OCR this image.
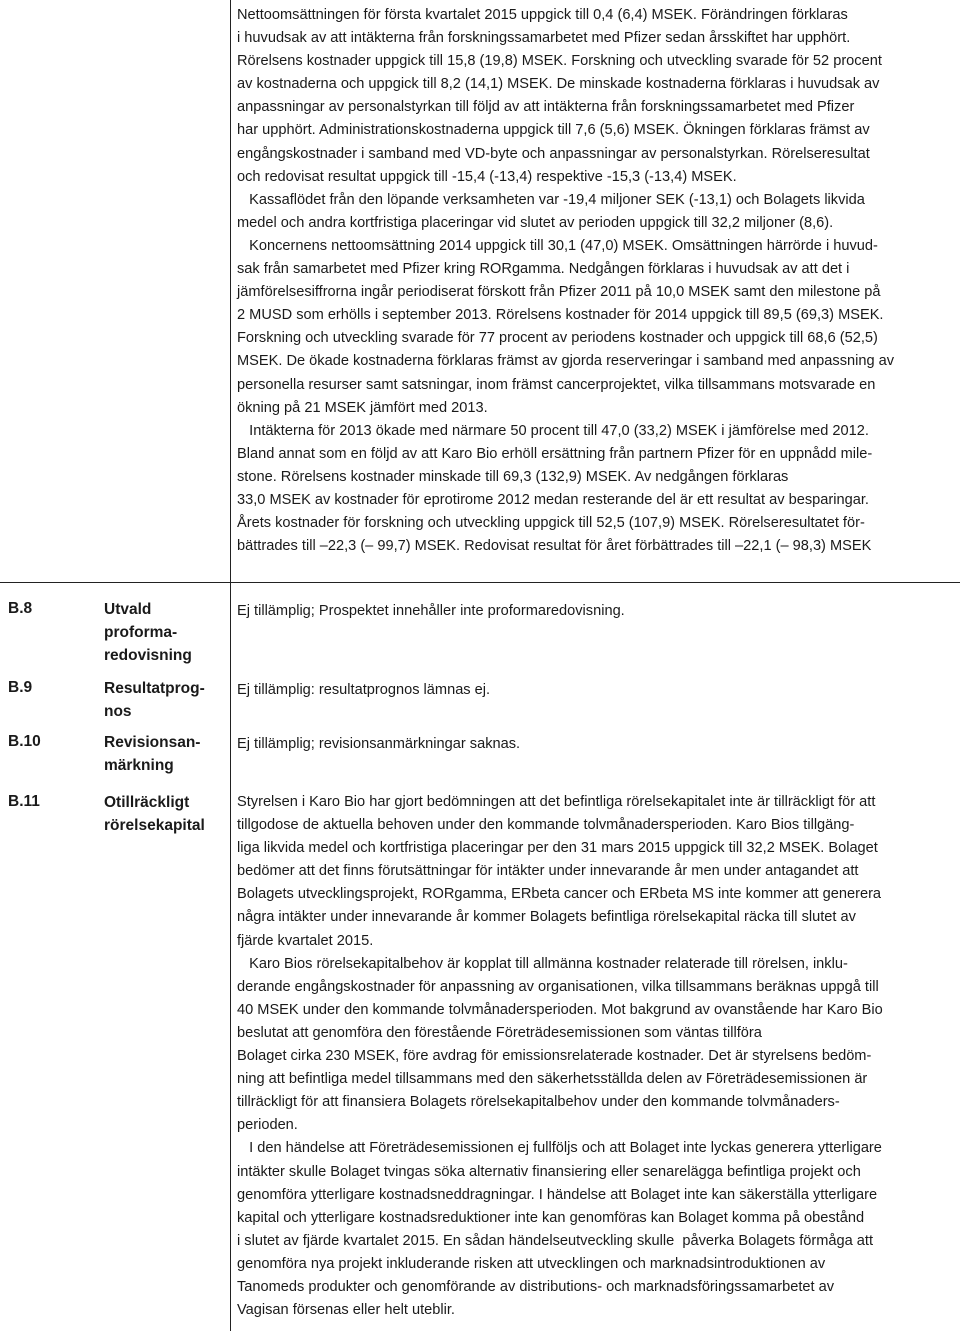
Nettoomsättningen för första kvartalet 2015 uppgick till 0,4 (6,4) MSEK. Förändringen förklaras

i huvudsak av att intäkterna från forskningssamarbetet med Pfizer sedan årsskiftet har upphört.

Rörelsens kostnader uppgick till 15,8 (19,8) MSEK. Forskning och utveckling svarade för 52 procent

av kostnaderna och uppgick till 8,2 (14,1) MSEK. De minskade kostnaderna förklaras i huvudsak av

anpassningar av personalstyrkan till följd av att intäkterna från forskningssamarbetet med Pfizer

har upphört. Administrationskostnaderna uppgick till 7,6 (5,6) MSEK. Ökningen förklaras främst av

engångskostnader i samband med VD-byte och anpassningar av personalstyrkan. Rörelseresultat

och redovisat resultat uppgick till -15,4 (-13,4) respektive -15,3 (-13,4) MSEK.

Kassaflödet från den löpande verksamheten var -19,4 miljoner SEK (-13,1) och Bolagets likvida

medel och andra kortfristiga placeringar vid slutet av perioden uppgick till 32,2 miljoner (8,6).

Koncernens nettoomsättning 2014 uppgick till 30,1 (47,0) MSEK. Omsättningen härrörde i huvud-

sak från samarbetet med Pfizer kring RORgamma. Nedgången förklaras i huvudsak av att det i

jämförelsesiffrorna ingår periodiserat förskott från Pfizer 2011 på 10,0 MSEK samt den milestone på

2 MUSD som erhölls i september 2013. Rörelsens kostnader för 2014 uppgick till 89,5 (69,3) MSEK.

Forskning och utveckling svarade för 77 procent av periodens kostnader och uppgick till 68,6 (52,5)

MSEK. De ökade kostnaderna förklaras främst av gjorda reserveringar i samband med anpassning av

personella resurser samt satsningar, inom främst cancerprojektet, vilka tillsammans motsvarade en

ökning på 21 MSEK jämfört med 2013.

Intäkterna för 2013 ökade med närmare 50 procent till 47,0 (33,2) MSEK i jämförelse med 2012.

Bland annat som en följd av att Karo Bio erhöll ersättning från partnern Pfizer för en uppnådd mile-

stone. Rörelsens kostnader minskade till 69,3 (132,9) MSEK. Av nedgången förklaras

33,0 MSEK av kostnader för eprotirome 2012 medan resterande del är ett resultat av besparingar.

Årets kostnader för forskning och utveckling uppgick till 52,5 (107,9) MSEK. Rörelseresultatet för-

bättrades till –22,3 (– 99,7) MSEK. Redovisat resultat för året förbättrades till –22,1 (– 98,3) MSEK

B.8	Utvald
proforma-
redovisning
Ej tillämplig; Prospektet innehåller inte proformaredovisning.
B.9	Resultatprog-
nos
Ej tillämplig: resultatprognos lämnas ej.
B.10	Revisionsan-
märkning
Ej tillämplig; revisionsanmärkningar saknas.
B.11	Otillräckligt
rörelsekapital

Styrelsen i Karo Bio har gjort bedömningen att det befintliga rörelsekapitalet inte är tillräckligt för att

tillgodose de aktuella behoven under den kommande tolvmånadersperioden. Karo Bios tillgäng-

liga likvida medel och kortfristiga placeringar per den 31 mars 2015 uppgick till 32,2 MSEK. Bolaget

bedömer att det finns förutsättningar för intäkter under innevarande år men under antagandet att

Bolagets utvecklingsprojekt, RORgamma, ERbeta cancer och ERbeta MS inte kommer att generera

några intäkter under innevarande år kommer Bolagets befintliga rörelsekapital räcka till slutet av

fjärde kvartalet 2015.

Karo Bios rörelsekapitalbehov är kopplat till allmänna kostnader relaterade till rörelsen, inklu-

derande engångskostnader för anpassning av organisationen, vilka tillsammans beräknas uppgå till

40 MSEK under den kommande tolvmånadersperioden. Mot bakgrund av ovanstående har Karo Bio

beslutat att genomföra den förestående Företrädesemissionen som väntas tillföra

Bolaget cirka 230 MSEK, före avdrag för emissionsrelaterade kostnader. Det är styrelsens bedöm-

ning att befintliga medel tillsammans med den säkerhetsställda delen av Företrädesemissionen är

tillräckligt för att finansiera Bolagets rörelsekapitalbehov under den kommande tolvmånaders-

perioden.

I den händelse att Företrädesemissionen ej fullföljs och att Bolaget inte lyckas generera ytterligare

intäkter skulle Bolaget tvingas söka alternativ finansiering eller senarelägga befintliga projekt och

genomföra ytterligare kostnadsneddragningar. I händelse att Bolaget inte kan säkerställa ytterligare

kapital och ytterligare kostnadsreduktioner inte kan genomföras kan Bolaget komma på obestånd

i slutet av fjärde kvartalet 2015. En sådan händelseutveckling skulle  påverka Bolagets förmåga att

genomföra nya projekt inkluderande risken att utvecklingen och marknadsintroduktionen av

Tanomeds produkter och genomförande av distributions- och marknadsföringssamarbetet av

Vagisan försenas eller helt uteblir.
